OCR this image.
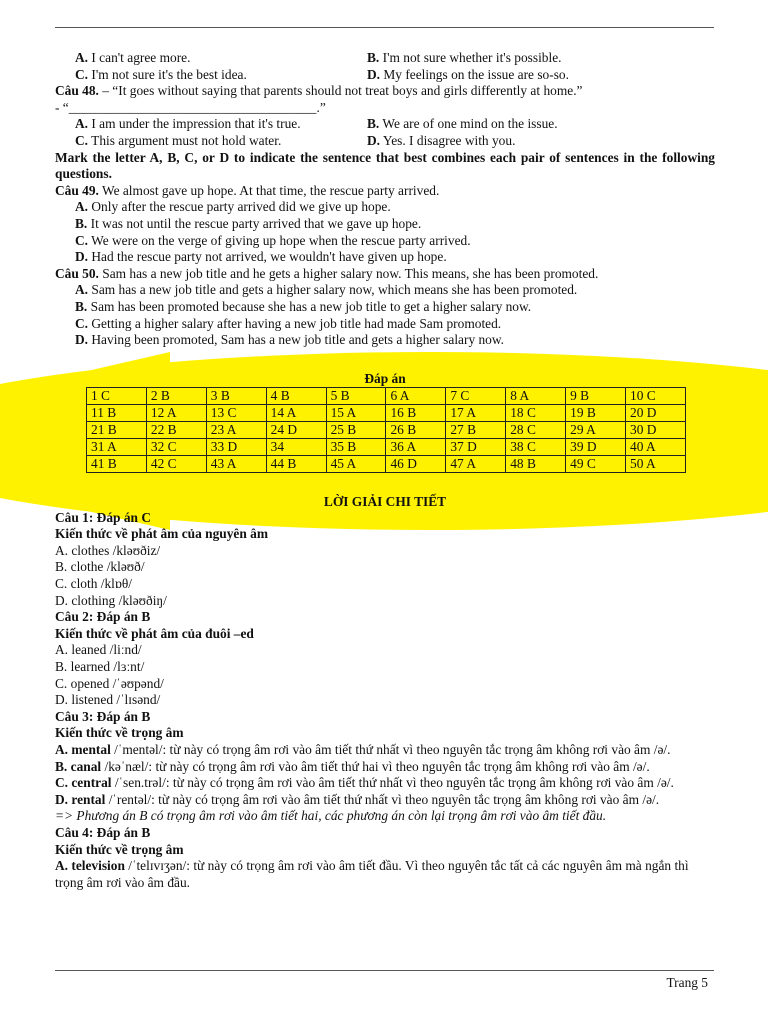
A. I can't agree more.	B. I'm not sure whether it's possible.
C. I'm not sure it's the best idea.	D. My feelings on the issue are so-so.
Câu 48. – “It goes without saying that parents should not treat boys and girls differently at home.”
- “_____________________________________.”
A. I am under the impression that it's true.	B. We are of one mind on the issue.
C. This argument must not hold water.	D. Yes. I disagree with you.
Mark the letter A, B, C, or D to indicate the sentence that best combines each pair of sentences in the following questions.
Câu 49. We almost gave up hope. At that time, the rescue party arrived.
A. Only after the rescue party arrived did we give up hope.
B. It was not until the rescue party arrived that we gave up hope.
C. We were on the verge of giving up hope when the rescue party arrived.
D. Had the rescue party not arrived, we wouldn't have given up hope.
Câu 50. Sam has a new job title and he gets a higher salary now. This means, she has been promoted.
A. Sam has a new job title and gets a higher salary now, which means she has been promoted.
B. Sam has been promoted because she has a new job title to get a higher salary now.
C. Getting a higher salary after having a new job title had made Sam promoted.
D. Having been promoted, Sam has a new job title and gets a higher salary now.
Đáp án
1 C	2 B	3 B	4 B	5 B	6 A	7 C	8 A	9 B	10 C
11 B	12 A	13 C	14 A	15 A	16 B	17 A	18 C	19 B	20 D
21 B	22 B	23 A	24 D	25 B	26 B	27 B	28 C	29 A	30 D
31 A	32 C	33 D	34	35 B	36 A	37 D	38 C	39 D	40 A
41 B	42 C	43 A	44 B	45 A	46 D	47 A	48 B	49 C	50 A
LỜI GIẢI CHI TIẾT
Câu 1: Đáp án C
Kiến thức về phát âm của nguyên âm
A. clothes /kləʊðiz/
B. clothe /kləʊð/
C. cloth /klɒθ/
D. clothing /kləʊðiŋ/
Câu 2: Đáp án B
Kiến thức về phát âm của đuôi –ed
A. leaned /liːnd/
B. learned /lɜːnt/
C. opened /ˈəʊpənd/
D. listened /ˈlɪsənd/
Câu 3: Đáp án B
Kiến thức về trọng âm
A. mental /ˈmentəl/: từ này có trọng âm rơi vào âm tiết thứ nhất vì theo nguyên tắc trọng âm không rơi vào âm /ə/.
B. canal /kəˈnæl/: từ này có trọng âm rơi vào âm tiết thứ hai vì theo nguyên tắc trọng âm không rơi vào âm /ə/.
C. central /ˈsen.trəl/: từ này có trọng âm rơi vào âm tiết thứ nhất vì theo nguyên tắc trọng âm không rơi vào âm /ə/.
D. rental /ˈrentəl/: từ này có trọng âm rơi vào âm tiết thứ nhất vì theo nguyên tắc trọng âm không rơi vào âm /ə/.
=> Phương án B có trọng âm rơi vào âm tiết hai, các phương án còn lại trọng âm rơi vào âm tiết đầu.
Câu 4: Đáp án B
Kiến thức về trọng âm
A. television /ˈtelɪvɪʒən/: từ này có trọng âm rơi vào âm tiết đầu. Vì theo nguyên tắc tất cả các nguyên âm mà ngắn thì trọng âm rơi vào âm đầu.
Trang 5
